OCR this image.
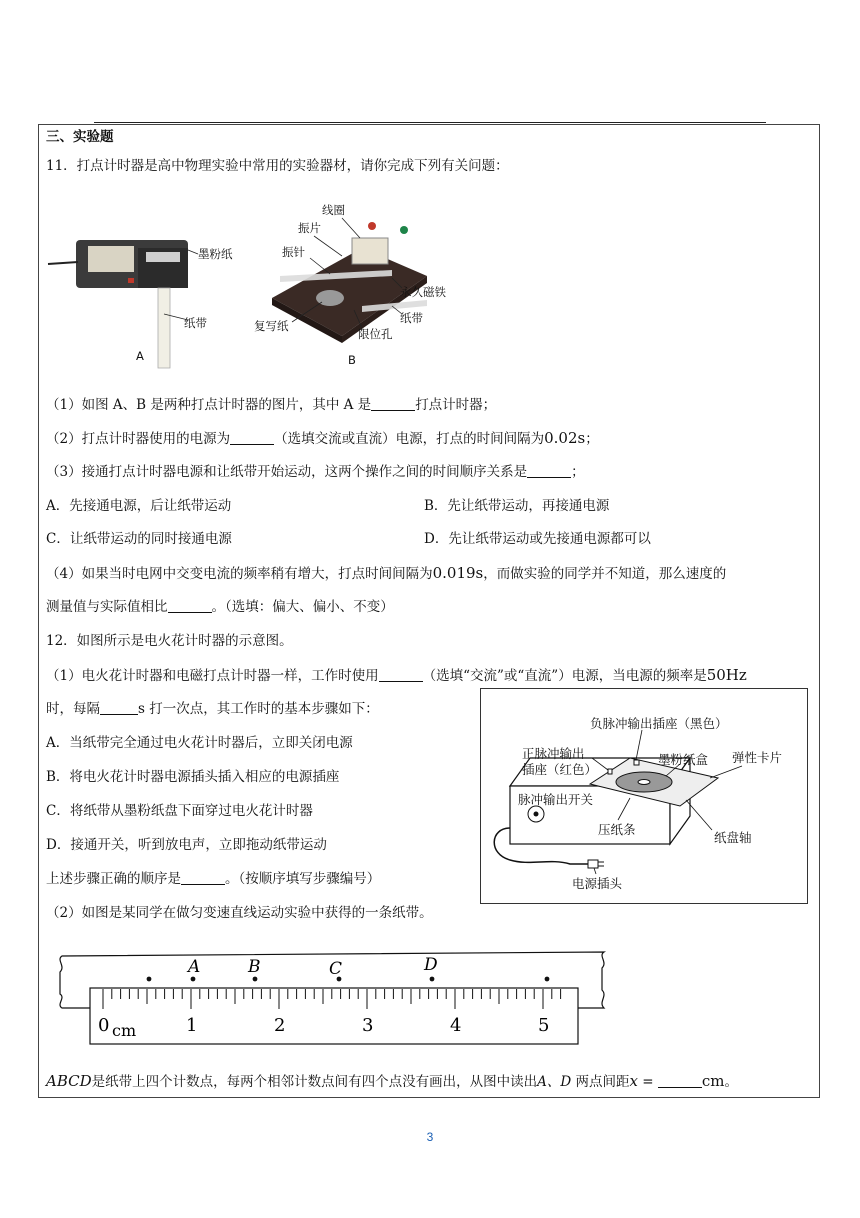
三、实验题
11．打点计时器是高中物理实验中常用的实验器材，请你完成下列有关问题：
墨粉纸
纸带
A
线圈
振片
振针
永久磁铁
纸带
复写纸
限位孔
B
（1）如图 A、B 是两种打点计时器的图片，其中 A 是	打点计时器；
（2）打点计时器使用的电源为	（选填交流或直流）电源，打点的时间间隔为0.02s；
（3）接通打点计时器电源和让纸带开始运动，这两个操作之间的时间顺序关系是	；
A．先接通电源，后让纸带运动	B．先让纸带运动，再接通电源
C．让纸带运动的同时接通电源	D．先让纸带运动或先接通电源都可以
（4）如果当时电网中交变电流的频率稍有增大，打点时间间隔为0.019s，而做实验的同学并不知道，那么速度的
测量值与实际值相比	。（选填：偏大、偏小、不变）
12．如图所示是电火花计时器的示意图。
（1）电火花计时器和电磁打点计时器一样，工作时使用	（选填“交流”或“直流”）电源，当电源的频率是50Hz
时，每隔	s 打一次点，其工作时的基本步骤如下：
A．当纸带完全通过电火花计时器后，立即关闭电源
B．将电火花计时器电源插头插入相应的电源插座
C．将纸带从墨粉纸盘下面穿过电火花计时器
D．接通开关，听到放电声，立即拖动纸带运动
上述步骤正确的顺序是	。（按顺序填写步骤编号）
负脉冲输出插座（黑色）
正脉冲输出
插座（红色）
墨粉纸盒 弹性卡片
脉冲输出开关
压纸条
纸盘轴
电源插头
（2）如图是某同学在做匀变速直线运动实验中获得的一条纸带。
A	B	C	D
0	1	2	3	4	5
cm
ABCD是纸带上四个计数点，每两个相邻计数点间有四个点没有画出，从图中读出A、D 两点间距x =	cm。
3
